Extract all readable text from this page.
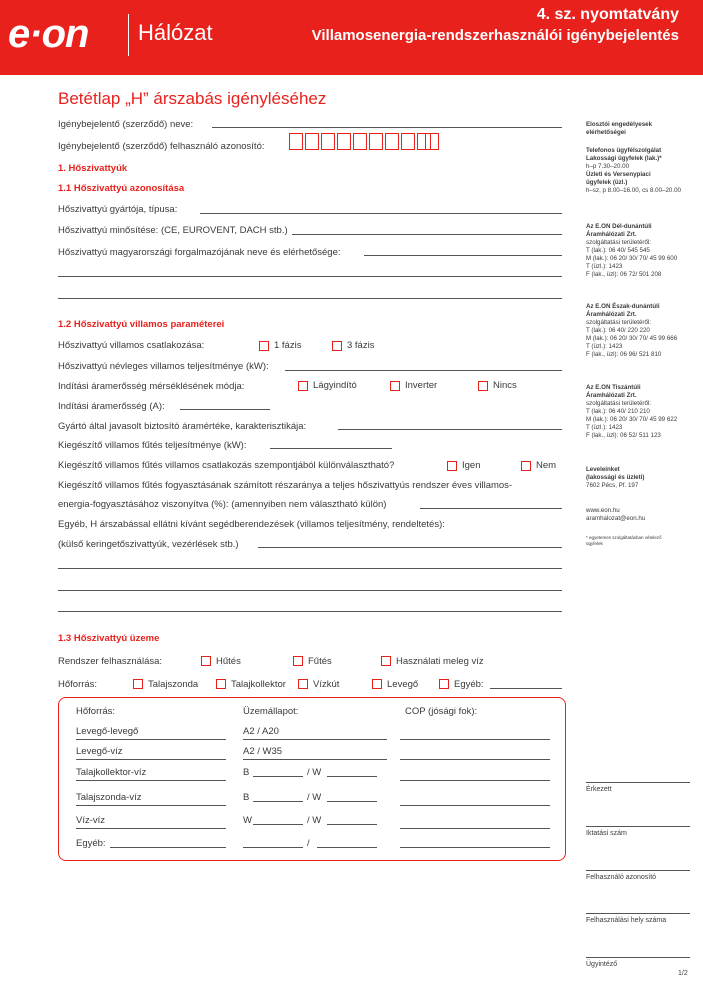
e·on Hálózat
4. sz. nyomtatvány
Villamosenergia-rendszerhasználói igénybejelentés
Betétlap „H” árszabás igényléséhez
Igénybejelentő (szerződő) neve:
Igénybejelentő (szerződő) felhasználó azonosító:
1. Hőszivattyúk
1.1 Hőszivattyú azonosítása
Hőszivattyú gyártója, típusa:
Hőszivattyú minősítése: (CE, EUROVENT, DACH stb.)
Hőszivattyú magyarországi forgalmazójának neve és elérhetősége:
1.2 Hőszivattyú villamos paraméterei
Hőszivattyú villamos csatlakozása:	1 fázis	3 fázis
Hőszivattyú névleges villamos teljesítménye (kW):
Indítási áramerősség mérséklésének módja:	Lágyindító	Inverter	Nincs
Indítási áramerősség (A):
Gyártó által javasolt biztosító áramértéke, karakterisztikája:
Kiegészítő villamos fűtés teljesítménye (kW):
Kiegészítő villamos fűtés villamos csatlakozás szempontjából különválasztható?	Igen	Nem
Kiegészítő villamos fűtés fogyasztásának számított részaránya a teljes hőszivattyús rendszer éves villamos-
energia-fogyasztásához viszonyítva (%): (amennyiben nem választható külön)
Egyéb, H árszabással ellátni kívánt segédberendezések (villamos teljesítmény, rendeltetés):
(külső keringetőszivattyúk, vezérlések stb.)
1.3 Hőszivattyú üzeme
Rendszer felhasználása:	Hűtés	Fűtés	Használati meleg víz
Hőforrás:	Talajszonda	Talajkollektor	Vízkút	Levegő	Egyéb:
Hőforrás:	Üzemállapot:	COP (jósági fok):
Levegő-levegő	A2 / A20
Levegő-víz	A2 / W35
Talajkollektor-víz	B	/ W
Talajszonda-víz	B	/ W
Víz-víz	W	/ W
Egyéb:	/
Elosztói engedélyesek
elérhetőségei
Telefonos ügyfélszolgálat
Lakossági ügyfelek (lak.)*
h–p 7.30–20.00
Üzleti és Versenypiaci
ügyfelek (üzl.)
h–sz, p 8.00–16.00, cs 8.00–20.00
Az E.ON Dél-dunántúli
Áramhálózati Zrt.
szolgáltatási területéről:
T (lak.): 06 40/ 545 545
M (lak.): 06 20/ 30/ 70/ 45 99 600
T (üzl.): 1423
F (lak., üzl): 06 72/ 501 208
Az E.ON Észak-dunántúli
Áramhálózati Zrt.
szolgáltatási területéről:
T (lak.): 06 40/ 220 220
M (lak.): 06 20/ 30/ 70/ 45 99 666
T (üzl.): 1423
F (lak., üzl): 06 96/ 521 810
Az E.ON Tiszántúli
Áramhálózati Zrt.
szolgáltatási területéről:
T (lak.): 06 40/ 210 210
M (lak.): 06 20/ 30/ 70/ 45 99 622
T (üzl.): 1423
F (lak., üzl): 06 52/ 511 123
Leveleinket
(lakossági és üzleti)
7602 Pécs, Pf. 197
www.eon.hu
aramhalozat@eon.hu
* egyetemes szolgáltatásban vételező
ügyfelek
Érkezett
Iktatási szám
Felhasználó azonosító
Felhasználási hely száma
Ügyintéző
1/2
